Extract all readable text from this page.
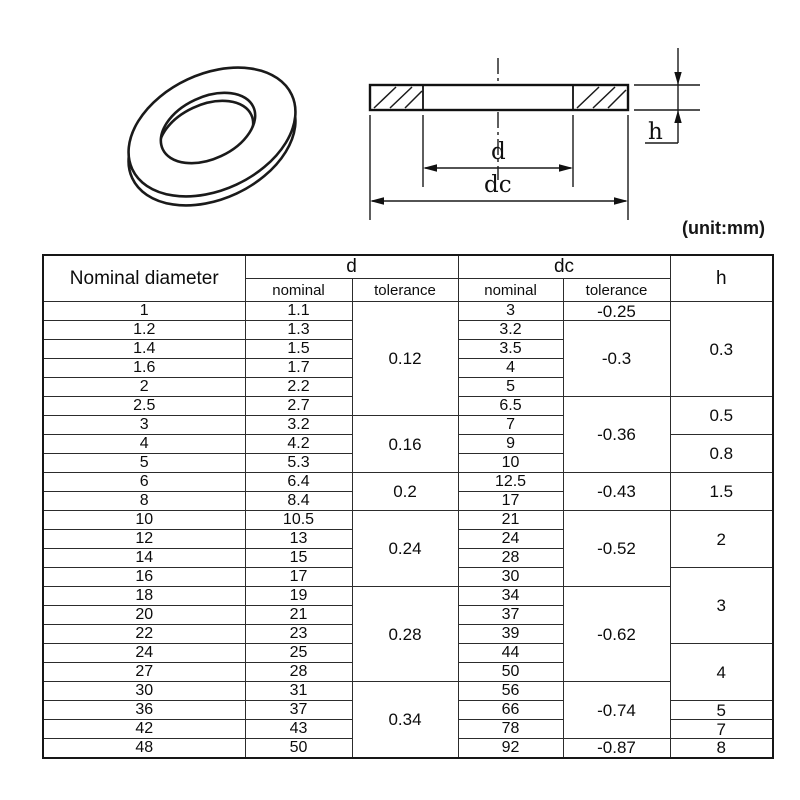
d
dc
h
(unit:mm)
Nominal diameter	d		dc		h
	nominal	tolerance	nominal	tolerance	
1	1.1	0.12	3	-0.25	0.3
1.2	1.3		3.2	-0.3	
1.4	1.5		3.5		
1.6	1.7		4		
2	2.2		5		
2.5	2.7		6.5	-0.36	0.5
3	3.2	0.16	7		
4	4.2		9		0.8
5	5.3		10		
6	6.4	0.2	12.5	-0.43	1.5
8	8.4		17		
10	10.5	0.24	21	-0.52	2
12	13		24		
14	15		28		
16	17		30		3
18	19	0.28	34	-0.62	
20	21		37		
22	23		39		
24	25		44		4
27	28		50		
30	31	0.34	56	-0.74	
36	37		66		5
42	43		78		7
48	50		92	-0.87	8
